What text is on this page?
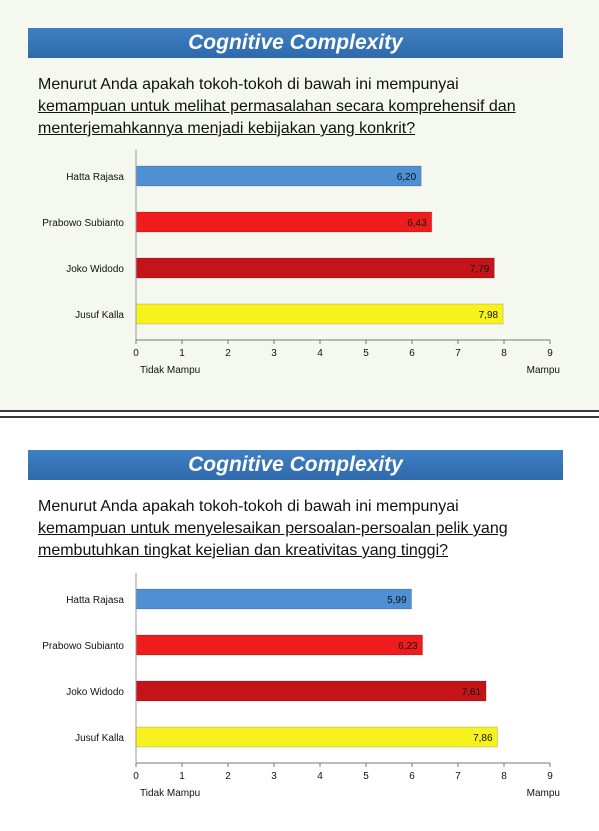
Cognitive Complexity
Menurut Anda apakah tokoh-tokoh di bawah ini mempunyai
kemampuan untuk melihat permasalahan secara komprehensif dan
menterjemahkannya menjadi kebijakan yang konkrit?
6,20
6,43
7,79
7,98
Hatta Rajasa
Prabowo Subianto
Joko Widodo
Jusuf Kalla
0	1	2	3	4	5	6	7	8	9
Tidak Mampu	Mampu
Cognitive Complexity
Menurut Anda apakah tokoh-tokoh di bawah ini mempunyai
kemampuan untuk menyelesaikan persoalan-persoalan pelik yang
membutuhkan tingkat kejelian dan kreativitas yang tinggi?
5,99
6,23
7,61
7,86
Hatta Rajasa
Prabowo Subianto
Joko Widodo
Jusuf Kalla
0	1	2	3	4	5	6	7	8	9
Tidak Mampu	Mampu
